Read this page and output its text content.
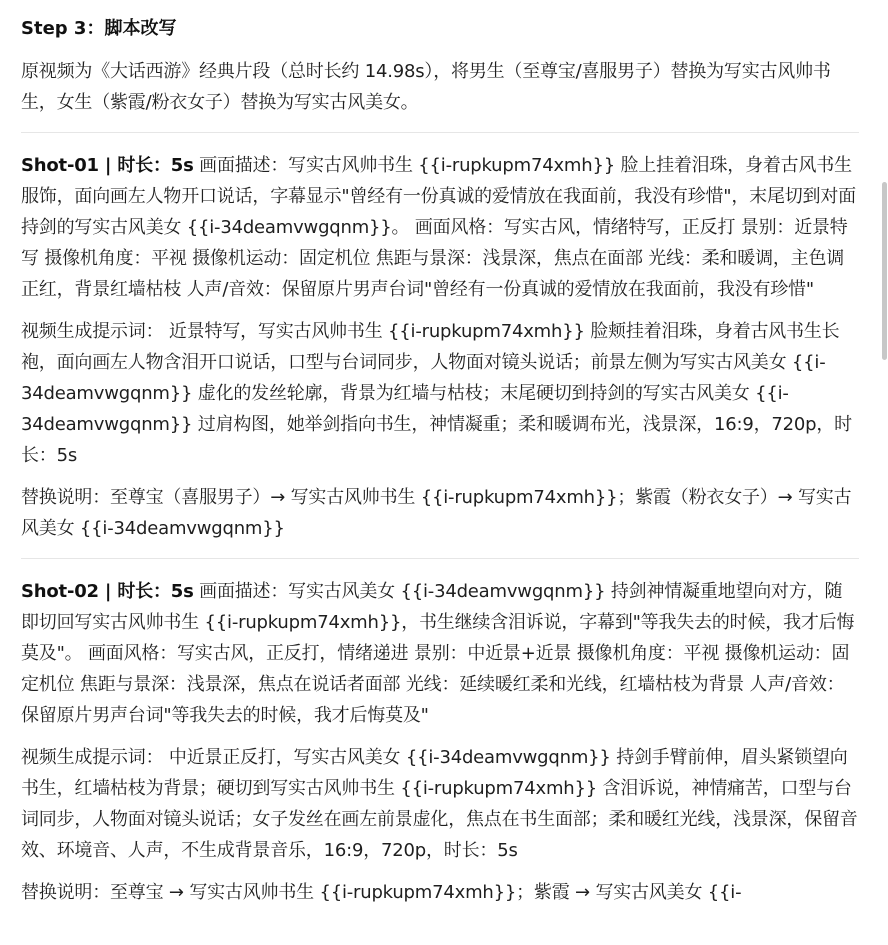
Step 3：脚本改写

原视频为《大话西游》经典片段（总时长约 14.98s），将男生（至尊宝/喜服男子）替换为写实古风帅书生，女生（紫霞/粉衣女子）替换为写实古风美女。

Shot-01 | 时长：5s 画面描述：写实古风帅书生 {{i-rupkupm74xmh}} 脸上挂着泪珠，身着古风书生服饰，面向画左人物开口说话，字幕显示"曾经有一份真诚的爱情放在我面前，我没有珍惜"，末尾切到对面持剑的写实古风美女 {{i-34deamvwgqnm}}。 画面风格：写实古风，情绪特写，正反打 景别：近景特写 摄像机角度：平视 摄像机运动：固定机位 焦距与景深：浅景深，焦点在面部 光线：柔和暖调，主色调正红，背景红墙枯枝 人声/音效：保留原片男声台词"曾经有一份真诚的爱情放在我面前，我没有珍惜"

视频生成提示词： 近景特写，写实古风帅书生 {{i-rupkupm74xmh}} 脸颊挂着泪珠，身着古风书生长袍，面向画左人物含泪开口说话，口型与台词同步，人物面对镜头说话；前景左侧为写实古风美女 {{i-34deamvwgqnm}} 虚化的发丝轮廓，背景为红墙与枯枝；末尾硬切到持剑的写实古风美女 {{i-34deamvwgqnm}} 过肩构图，她举剑指向书生，神情凝重；柔和暖调布光，浅景深，16:9，720p，时长：5s

替换说明：至尊宝（喜服男子）→ 写实古风帅书生 {{i-rupkupm74xmh}}；紫霞（粉衣女子）→ 写实古风美女 {{i-34deamvwgqnm}}

Shot-02 | 时长：5s 画面描述：写实古风美女 {{i-34deamvwgqnm}} 持剑神情凝重地望向对方，随即切回写实古风帅书生 {{i-rupkupm74xmh}}，书生继续含泪诉说，字幕到"等我失去的时候，我才后悔莫及"。 画面风格：写实古风，正反打，情绪递进 景别：中近景+近景 摄像机角度：平视 摄像机运动：固定机位 焦距与景深：浅景深，焦点在说话者面部 光线：延续暖红柔和光线，红墙枯枝为背景 人声/音效：保留原片男声台词"等我失去的时候，我才后悔莫及"

视频生成提示词： 中近景正反打，写实古风美女 {{i-34deamvwgqnm}} 持剑手臂前伸，眉头紧锁望向书生，红墙枯枝为背景；硬切到写实古风帅书生 {{i-rupkupm74xmh}} 含泪诉说，神情痛苦，口型与台词同步，人物面对镜头说话；女子发丝在画左前景虚化，焦点在书生面部；柔和暖红光线，浅景深，保留音效、环境音、人声，不生成背景音乐，16:9，720p，时长：5s

替换说明：至尊宝 → 写实古风帅书生 {{i-rupkupm74xmh}}；紫霞 → 写实古风美女 {{i-
